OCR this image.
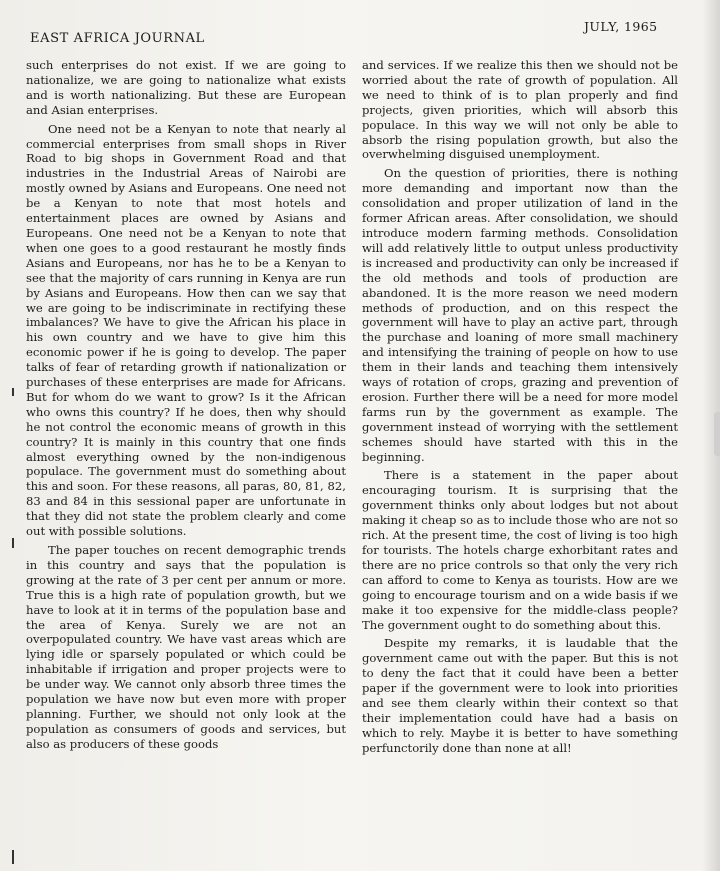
EAST AFRICA JOURNAL
JULY, 1965

such enterprises do not exist. If we are going to nationalize, we are going to nationalize what exists and is worth nationalizing. But these are European and Asian enterprises.

One need not be a Kenyan to note that nearly al commercial enterprises from small shops in River Road to big shops in Government Road and that industries in the Industrial Areas of Nairobi are mostly owned by Asians and Europeans. One need not be a Kenyan to note that most hotels and entertainment places are owned by Asians and Europeans. One need not be a Kenyan to note that when one goes to a good restaurant he mostly finds Asians and Europeans, nor has he to be a Kenyan to see that the majority of cars running in Kenya are run by Asians and Europeans. How then can we say that we are going to be indiscriminate in rectifying these imbalances? We have to give the African his place in his own country and we have to give him this economic power if he is going to develop. The paper talks of fear of retarding growth if nationalization or purchases of these enterprises are made for Africans. But for whom do we want to grow? Is it the African who owns this country? If he does, then why should he not control the economic means of growth in this country? It is mainly in this country that one finds almost everything owned by the non-indigenous populace. The government must do something about this and soon. For these reasons, all paras, 80, 81, 82, 83 and 84 in this sessional paper are unfortunate in that they did not state the problem clearly and come out with possible solutions.

The paper touches on recent demographic trends in this country and says that the population is growing at the rate of 3 per cent per annum or more. True this is a high rate of population growth, but we have to look at it in terms of the population base and the area of Kenya. Surely we are not an overpopulated country. We have vast areas which are lying idle or sparsely populated or which could be inhabitable if irrigation and proper projects were to be under way. We cannot only absorb three times the population we have now but even more with proper planning. Further, we should not only look at the population as consumers of goods and services, but also as producers of these goods

and services. If we realize this then we should not be worried about the rate of growth of population. All we need to think of is to plan properly and find projects, given priorities, which will absorb this populace. In this way we will not only be able to absorb the rising population growth, but also the overwhelming disguised unemployment.

On the question of priorities, there is nothing more demanding and important now than the consolidation and proper utilization of land in the former African areas. After consolidation, we should introduce modern farming methods. Consolidation will add relatively little to output unless productivity is increased and productivity can only be increased if the old methods and tools of production are abandoned. It is the more reason we need modern methods of production, and on this respect the government will have to play an active part, through the purchase and loaning of more small machinery and intensifying the training of people on how to use them in their lands and teaching them intensively ways of rotation of crops, grazing and prevention of erosion. Further there will be a need for more model farms run by the government as example. The government instead of worrying with the settlement schemes should have started with this in the beginning.

There is a statement in the paper about encouraging tourism. It is surprising that the government thinks only about lodges but not about making it cheap so as to include those who are not so rich. At the present time, the cost of living is too high for tourists. The hotels charge exhorbitant rates and there are no price controls so that only the very rich can afford to come to Kenya as tourists. How are we going to encourage tourism and on a wide basis if we make it too expensive for the middle-class people? The government ought to do something about this.

Despite my remarks, it is laudable that the government came out with the paper. But this is not to deny the fact that it could have been a better paper if the government were to look into priorities and see them clearly within their context so that their implementation could have had a basis on which to rely. Maybe it is better to have something perfunctorily done than none at all!
